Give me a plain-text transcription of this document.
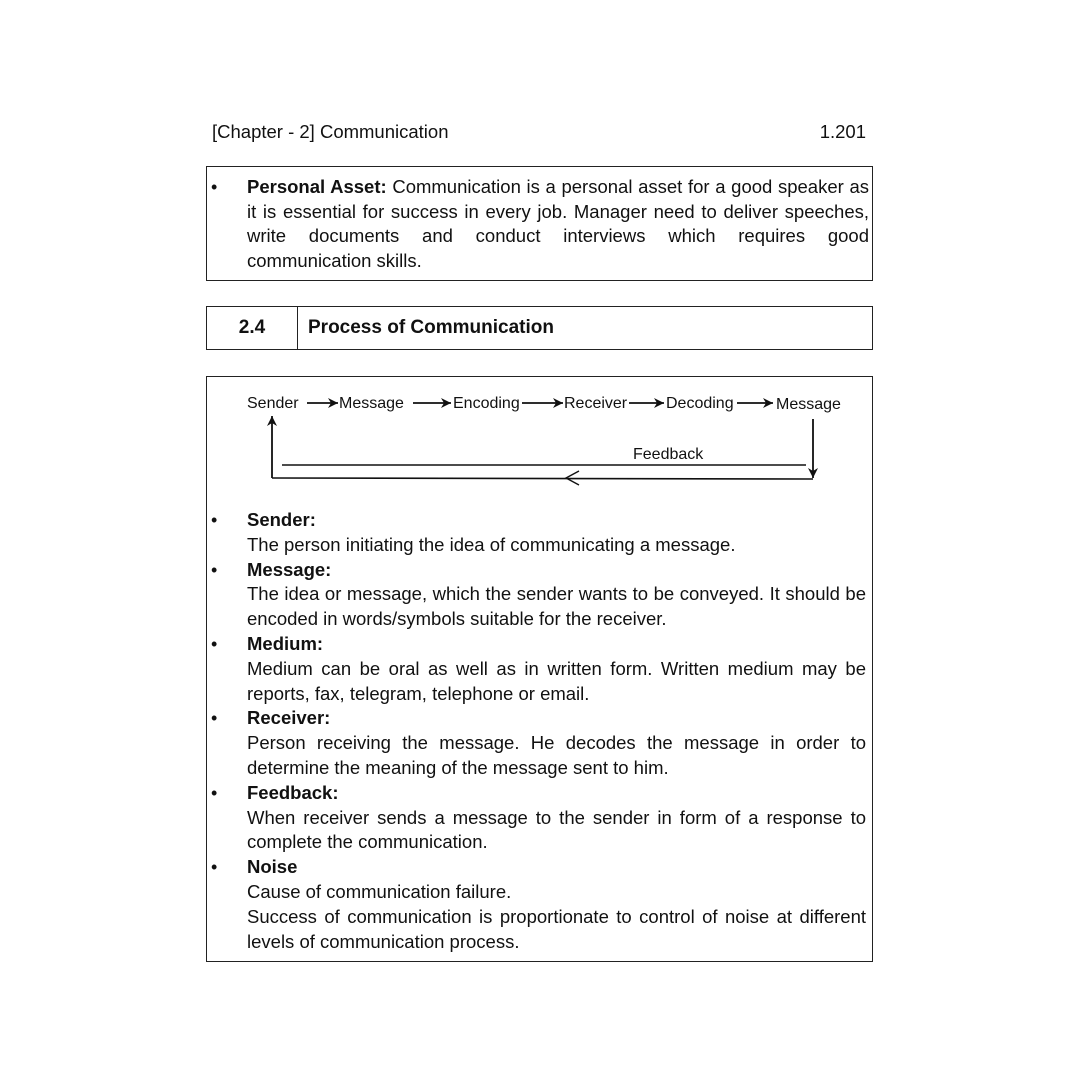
[Chapter - 2] Communication	1.201
• Personal Asset: Communication is a personal asset for a good speaker as it is essential for success in every job. Manager need to deliver speeches, write documents and conduct interviews which requires good communication skills.
2.4	Process of Communication
Sender	Message	Encoding	Receiver Decoding	Message
Feedback
• Sender:
The person initiating the idea of communicating a message.
• Message:
The idea or message, which the sender wants to be conveyed. It should be encoded in words/symbols suitable for the receiver.
• Medium:
Medium can be oral as well as in written form. Written medium may be reports, fax, telegram, telephone or email.
• Receiver:
Person receiving the message. He decodes the message in order to determine the meaning of the message sent to him.
• Feedback:
When receiver sends a message to the sender in form of a response to complete the communication.
• Noise
Cause of communication failure.
Success of communication is proportionate to control of noise at different levels of communication process.
